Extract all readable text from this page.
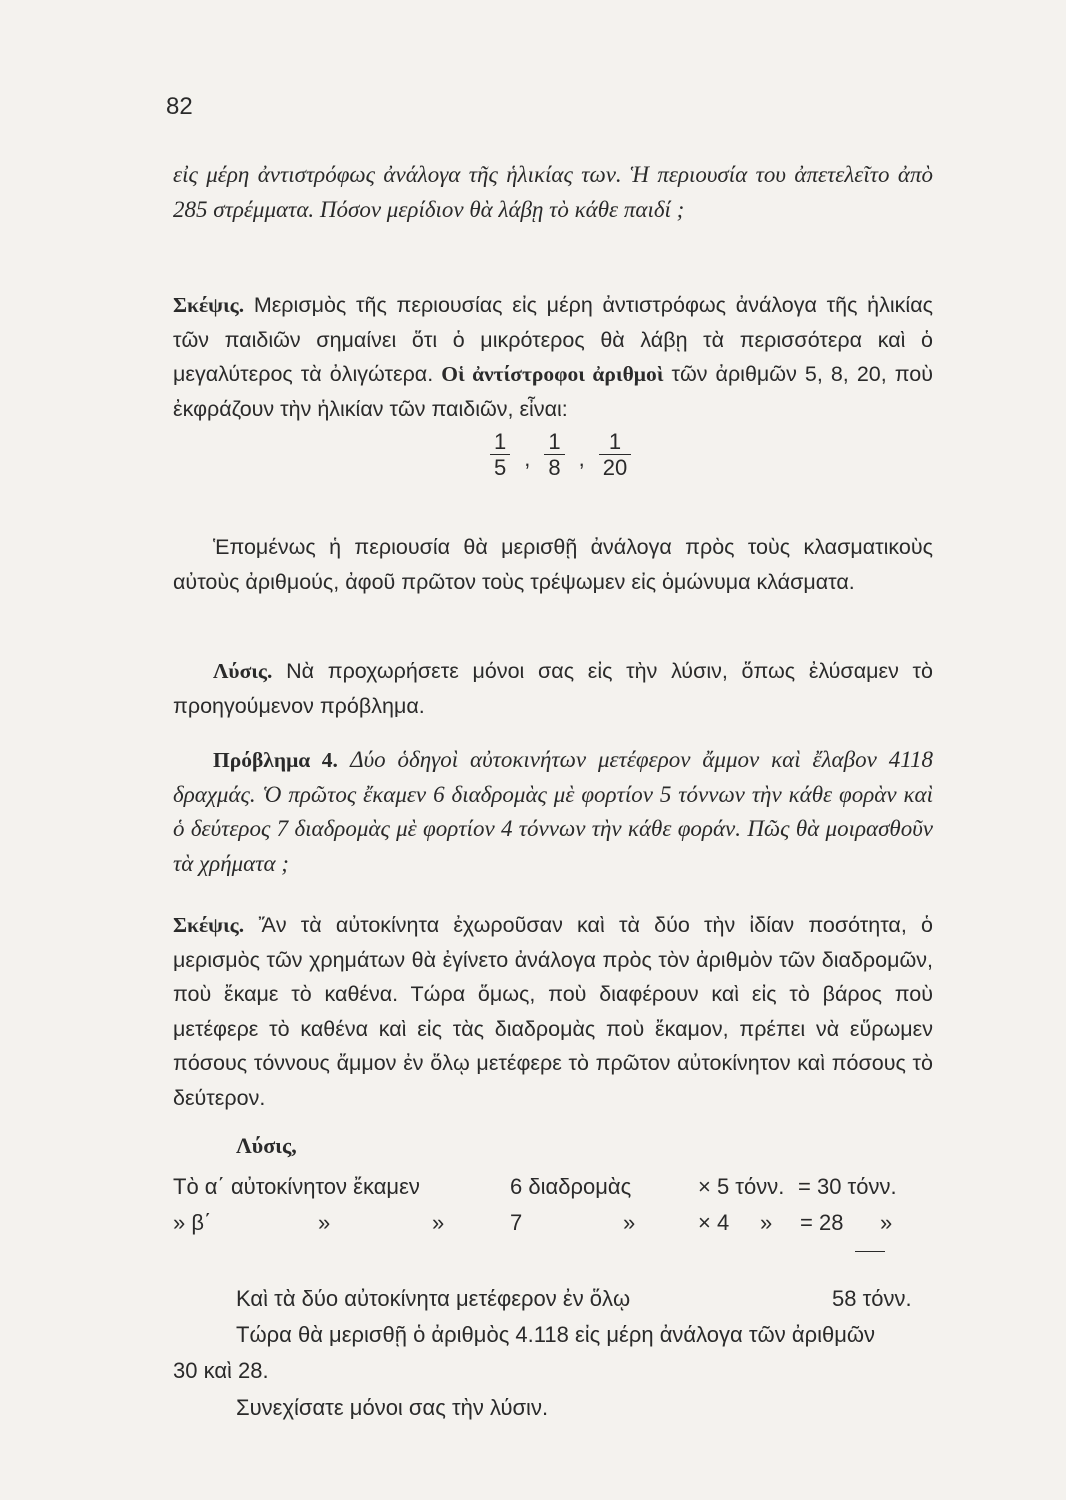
82
εἰς μέρη ἀντιστρόφως ἀνάλογα τῆς ἡλικίας των. Ἡ περιουσία του ἀπετελεῖτο ἀπὸ 285 στρέμματα. Πόσον μερίδιον θὰ λάβῃ τὸ κάθε παιδί ;
Σκέψις. Μερισμὸς τῆς περιουσίας εἰς μέρη ἀντιστρόφως ἀνάλογα τῆς ἡλικίας τῶν παιδιῶν σημαίνει ὅτι ὁ μικρότερος θὰ λάβῃ τὰ περισσότερα καὶ ὁ μεγαλύτερος τὰ ὀλιγώτερα. Οἱ ἀντίστροφοι ἀριθμοὶ τῶν ἀριθμῶν 5, 8, 20, ποὺ ἐκφράζουν τὴν ἡλικίαν τῶν παιδιῶν, εἶναι:
$\frac{1}{5}$ , $\frac{1}{8}$ , $\frac{1}{20}$
Ἑπομένως ἡ περιουσία θὰ μερισθῇ ἀνάλογα πρὸς τοὺς κλασματικοὺς αὐτοὺς ἀριθμούς, ἀφοῦ πρῶτον τοὺς τρέψωμεν εἰς ὁμώνυμα κλάσματα.
Λύσις. Νὰ προχωρήσετε μόνοι σας εἰς τὴν λύσιν, ὅπως ἐλύσαμεν τὸ προηγούμενον πρόβλημα.
Πρόβλημα 4. Δύο ὁδηγοὶ αὐτοκινήτων μετέφερον ἄμμον καὶ ἔλαβον 4118 δραχμάς. Ὁ πρῶτος ἔκαμεν 6 διαδρομὰς μὲ φορτίον 5 τόννων τὴν κάθε φορὰν καὶ ὁ δεύτερος 7 διαδρομὰς μὲ φορτίον 4 τόννων τὴν κάθε φοράν. Πῶς θὰ μοιρασθοῦν τὰ χρήματα ;
Σκέψις. Ἄν τὰ αὐτοκίνητα ἐχωροῦσαν καὶ τὰ δύο τὴν ἰδίαν ποσότητα, ὁ μερισμὸς τῶν χρημάτων θὰ ἐγίνετο ἀνάλογα πρὸς τὸν ἀριθμὸν τῶν διαδρομῶν, ποὺ ἔκαμε τὸ καθένα. Τώρα ὅμως, ποὺ διαφέρουν καὶ εἰς τὸ βάρος ποὺ μετέφερε τὸ καθένα καὶ εἰς τὰς διαδρομὰς ποὺ ἔκαμον, πρέπει νὰ εὕρωμεν πόσους τόννους ἄμμον ἐν ὅλῳ μετέφερε τὸ πρῶτον αὐτοκίνητον καὶ πόσους τὸ δεύτερον.
Λύσις,
Τὸ α΄ αὐτοκίνητον ἔκαμεν	6 διαδρομὰς	× 5 τόνν. = 30 τόνν.
» β΄	»	»	7	»	× 4 » = 28 »
Καὶ τὰ δύο αὐτοκίνητα μετέφερον ἐν ὅλῳ	58 τόνν.
Τώρα θὰ μερισθῇ ὁ ἀριθμὸς 4.118 εἰς μέρη ἀνάλογα τῶν ἀριθμῶν
30 καὶ 28.
Συνεχίσατε μόνοι σας τὴν λύσιν.
